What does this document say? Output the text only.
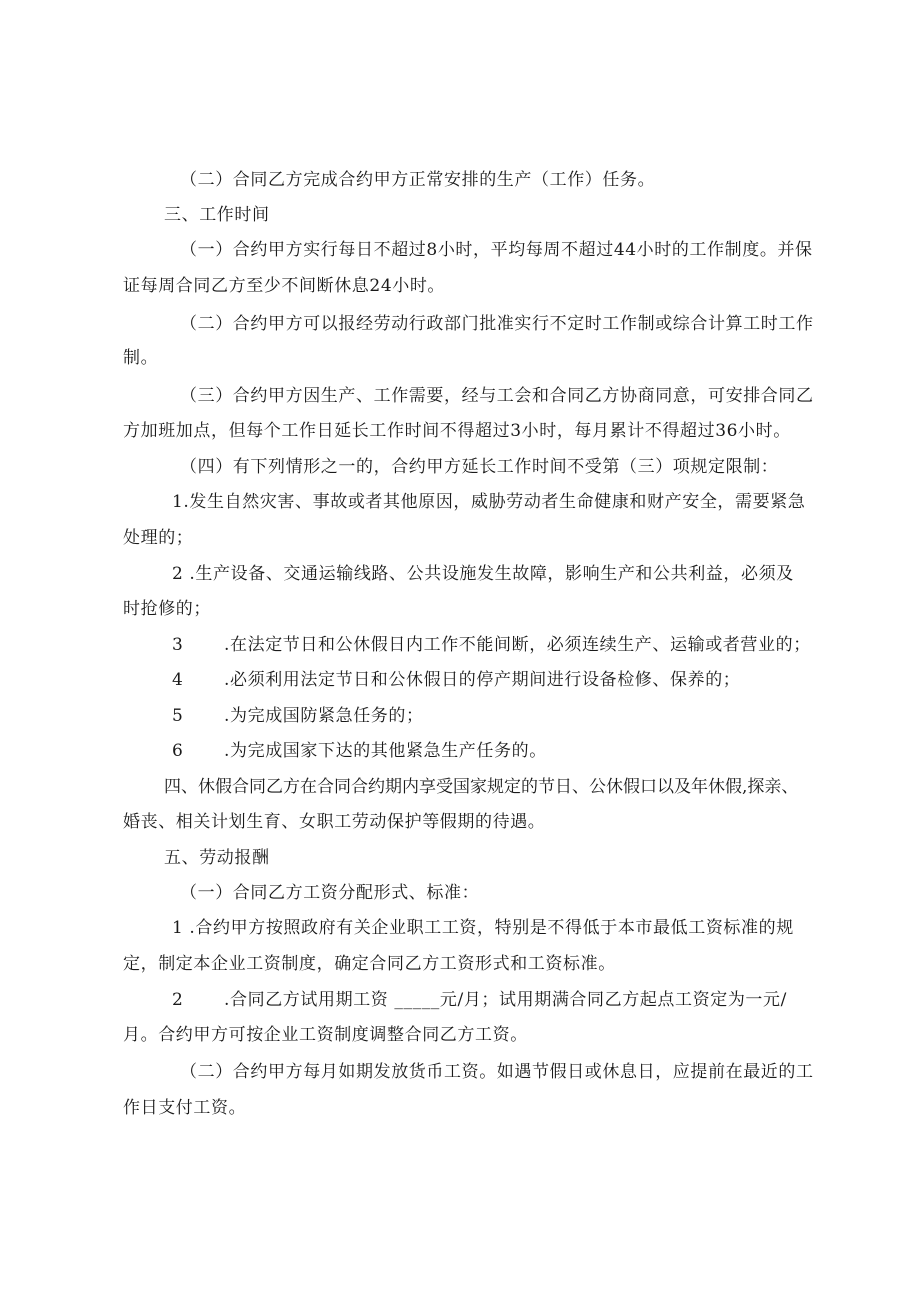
（二）合同乙方完成合约甲方正常安排的生产（工作）任务。
三、工作时间
（一）合约甲方实行每日不超过8小时，平均每周不超过44小时的工作制度。并保
证每周合同乙方至少不间断休息24小时。
（二）合约甲方可以报经劳动行政部门批准实行不定时工作制或综合计算工时工作
制。
（三）合约甲方因生产、工作需要，经与工会和合同乙方协商同意，可安排合同乙
方加班加点，但每个工作日延长工作时间不得超过3小时，每月累计不得超过36小时。
（四）有下列情形之一的，合约甲方延长工作时间不受第（三）项规定限制：
1.发生自然灾害、事故或者其他原因，威胁劳动者生命健康和财产安全，需要紧急
处理的；
2 .生产设备、交通运输线路、公共设施发生故障，影响生产和公共利益，必须及
时抢修的；
3 .在法定节日和公休假日内工作不能间断，必须连续生产、运输或者营业的；
4 .必须利用法定节日和公休假日的停产期间进行设备检修、保养的；
5 .为完成国防紧急任务的；
6 .为完成国家下达的其他紧急生产任务的。
四、休假合同乙方在合同合约期内享受国家规定的节日、公休假口以及年休假,探亲、
婚丧、相关计划生育、女职工劳动保护等假期的待遇。
五、劳动报酬
（一）合同乙方工资分配形式、标准：
1 .合约甲方按照政府有关企业职工工资，特别是不得低于本市最低工资标准的规
定，制定本企业工资制度，确定合同乙方工资形式和工资标准。
2 .合同乙方试用期工资 _____元/月；试用期满合同乙方起点工资定为一元/
月。合约甲方可按企业工资制度调整合同乙方工资。
（二）合约甲方每月如期发放货币工资。如遇节假日或休息日，应提前在最近的工
作日支付工资。
